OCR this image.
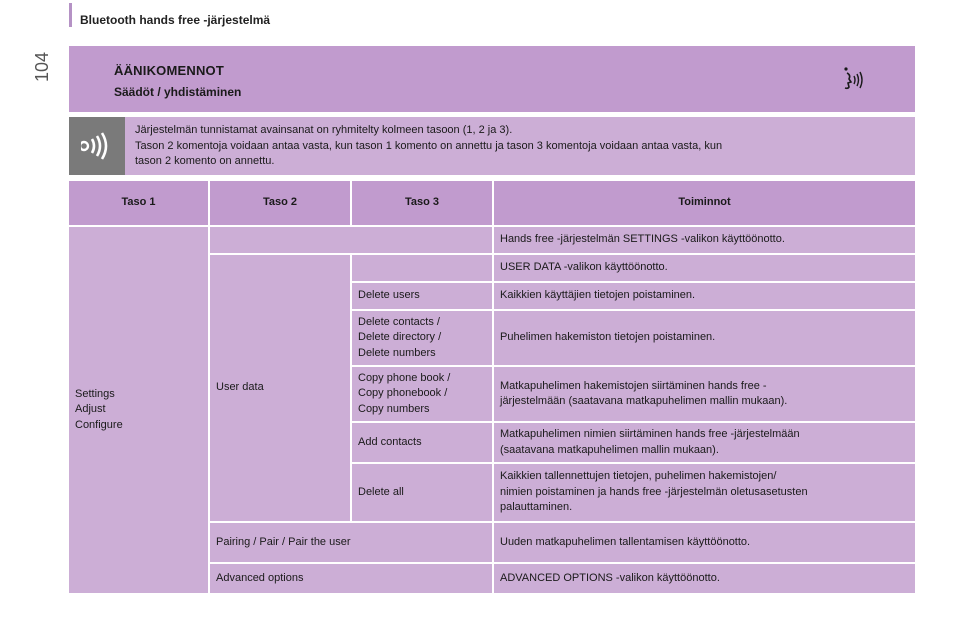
Bluetooth hands free -järjestelmä
104	ÄÄNIKOMENNOT
Säädöt / yhdistäminen
Järjestelmän tunnistamat avainsanat on ryhmitelty kolmeen tasoon (1, 2 ja 3).
Tason 2 komentoja voidaan antaa vasta, kun tason 1 komento on annettu ja tason 3 komentoja voidaan antaa vasta, kun
tason 2 komento on annettu.
Taso 1	Taso 2	Taso 3	Toiminnot

Settings
Adjust
Configure			Hands free -järjestelmän SETTINGS -valikon käyttöönotto.
	User data		USER DATA -valikon käyttöönotto.

		Delete users	Kaikkien käyttäjien tietojen poistaminen.

		Delete contacts /
Delete directory /
Delete numbers	Puhelimen hakemiston tietojen poistaminen.

		Copy phone book /
Copy phonebook /
Copy numbers	Matkapuhelimen hakemistojen siirtäminen hands free -
järjestelmään (saatavana matkapuhelimen mallin mukaan).

		Add contacts	Matkapuhelimen nimien siirtäminen hands free -järjestelmään
(saatavana matkapuhelimen mallin mukaan).

		Delete all	Kaikkien tallennettujen tietojen, puhelimen hakemistojen/
nimien poistaminen ja hands free -järjestelmän oletusasetusten
palauttaminen.

	Pairing / Pair / Pair the user		Uuden matkapuhelimen tallentamisen käyttöönotto.
	Advanced options		ADVANCED OPTIONS -valikon käyttöönotto.
